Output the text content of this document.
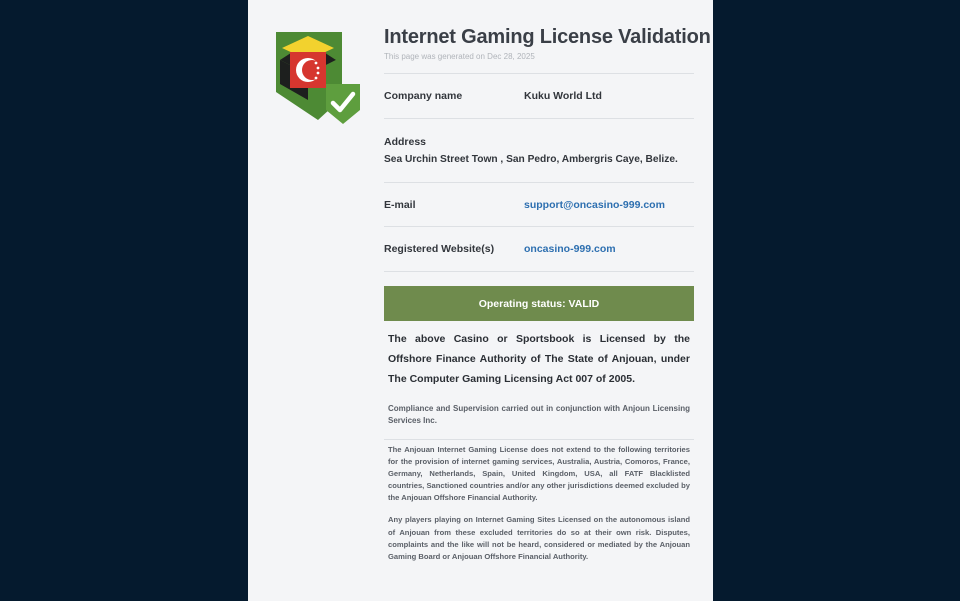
Internet Gaming License Validation
This page was generated on Dec 28, 2025
Company name	Kuku World Ltd
Address
Sea Urchin Street Town , San Pedro, Ambergris Caye, Belize.
E-mail	support@oncasino-999.com
Registered Website(s)	oncasino-999.com
Operating status: VALID

The above Casino or Sportsbook is Licensed by the Offshore Finance Authority of The State of Anjouan, under The Computer Gaming Licensing Act 007 of 2005.

Compliance and Supervision carried out in conjunction with Anjoun Licensing Services Inc.

The Anjouan Internet Gaming License does not extend to the following territories for the provision of internet gaming services, Australia, Austria, Comoros, France, Germany, Netherlands, Spain, United Kingdom, USA, all FATF Blacklisted countries, Sanctioned countries and/or any other jurisdictions deemed excluded by the Anjouan Offshore Financial Authority.

Any players playing on Internet Gaming Sites Licensed on the autonomous island of Anjouan from these excluded territories do so at their own risk. Disputes, complaints and the like will not be heard, considered or mediated by the Anjouan Gaming Board or Anjouan Offshore Financial Authority.
